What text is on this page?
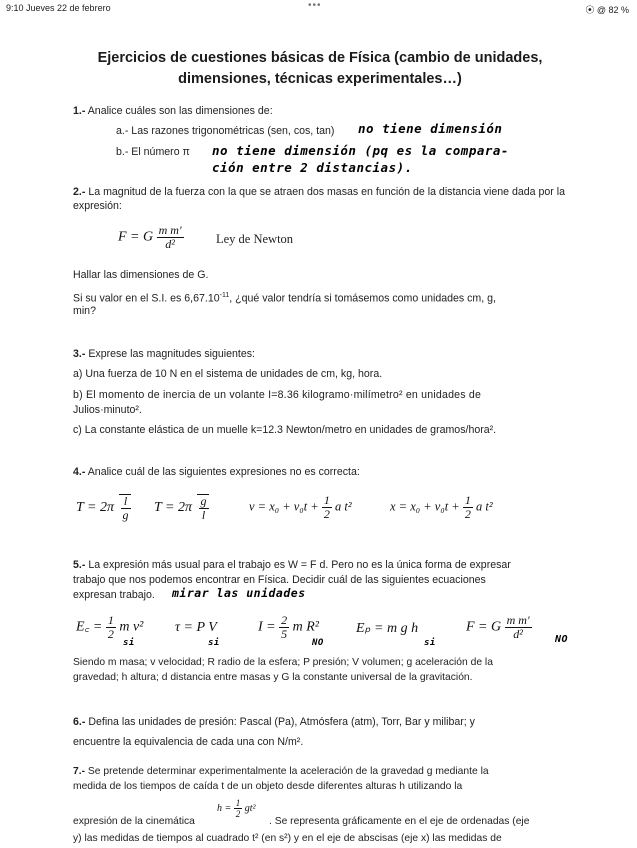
9:10 Jueves 22 de febrero	•••	⦿ @ 82 %
Ejercicios de cuestiones básicas de Física (cambio de unidades,
dimensiones, técnicas experimentales…)
1.- Analice cuáles son las dimensiones de:
a.- Las razones trigonométricas (sen, cos, tan) no tiene dimensión
b.- El número π no tiene dimensión (pq es la compara-
ción entre 2 distancias).
2.- La magnitud de la fuerza con la que se atraen dos masas en función de la distancia viene dada por la expresión:
F = G $\frac{\text{m m'}}{\text{d²}}$	Ley de Newton
Hallar las dimensiones de G.
Si su valor en el S.I. es $6,67.10^{-11}$, ¿qué valor tendría si tomásemos como unidades cm, g,
min?
3.- Exprese las magnitudes siguientes:
a) Una fuerza de 10 N en el sistema de unidades de cm, kg, hora.
b) El momento de inercia de un volante I=8.36 kilogramo·milímetro² en unidades de
Julios·minuto².
c) La constante elástica de un muelle k=12.3 Newton/metro en unidades de gramos/hora².
4.- Analice cuál de las siguientes expresiones no es correcta:
$T = 2\pi \frac{l}{g}$ $T = 2\pi \frac{g}{l}$	$v = x_0 + v_0t + \frac{1}{2}$ a t²	$x = x_0 + v_0t + \frac{1}{2}$ a t²
5.- La expresión más usual para el trabajo es W = F d. Pero no es la única forma de expresar
trabajo que nos podemos encontrar en Física. Decidir cuál de las siguientes ecuaciones
expresan trabajo. mirar las unidades
E꜀ = $\frac{1}{2}$ m v² τ = P V	$I = \frac{2}{5}$ m R²	Eₚ = m g h	F = G $\frac{\text{m m'}}{\text{d²}}$
si	si	NO	si	NO
Siendo m masa; v velocidad; R radio de la esfera; P presión; V volumen; g aceleración de la
gravedad; h altura; d distancia entre masas y G la constante universal de la gravitación.
6.- Defina las unidades de presión: Pascal (Pa), Atmósfera (atm), Torr, Bar y milibar; y
encuentre la equivalencia de cada una con N/m².
7.- Se pretende determinar experimentalmente la aceleración de la gravedad g mediante la
medida de los tiempos de caída t de un objeto desde diferentes alturas h utilizando la
expresión de la cinemática
$h = \frac{1}{2} gt^2$
. Se representa gráficamente en el eje de ordenadas (eje
y) las medidas de tiempos al cuadrado t² (en s²) y en el eje de abscisas (eje x) las medidas de
